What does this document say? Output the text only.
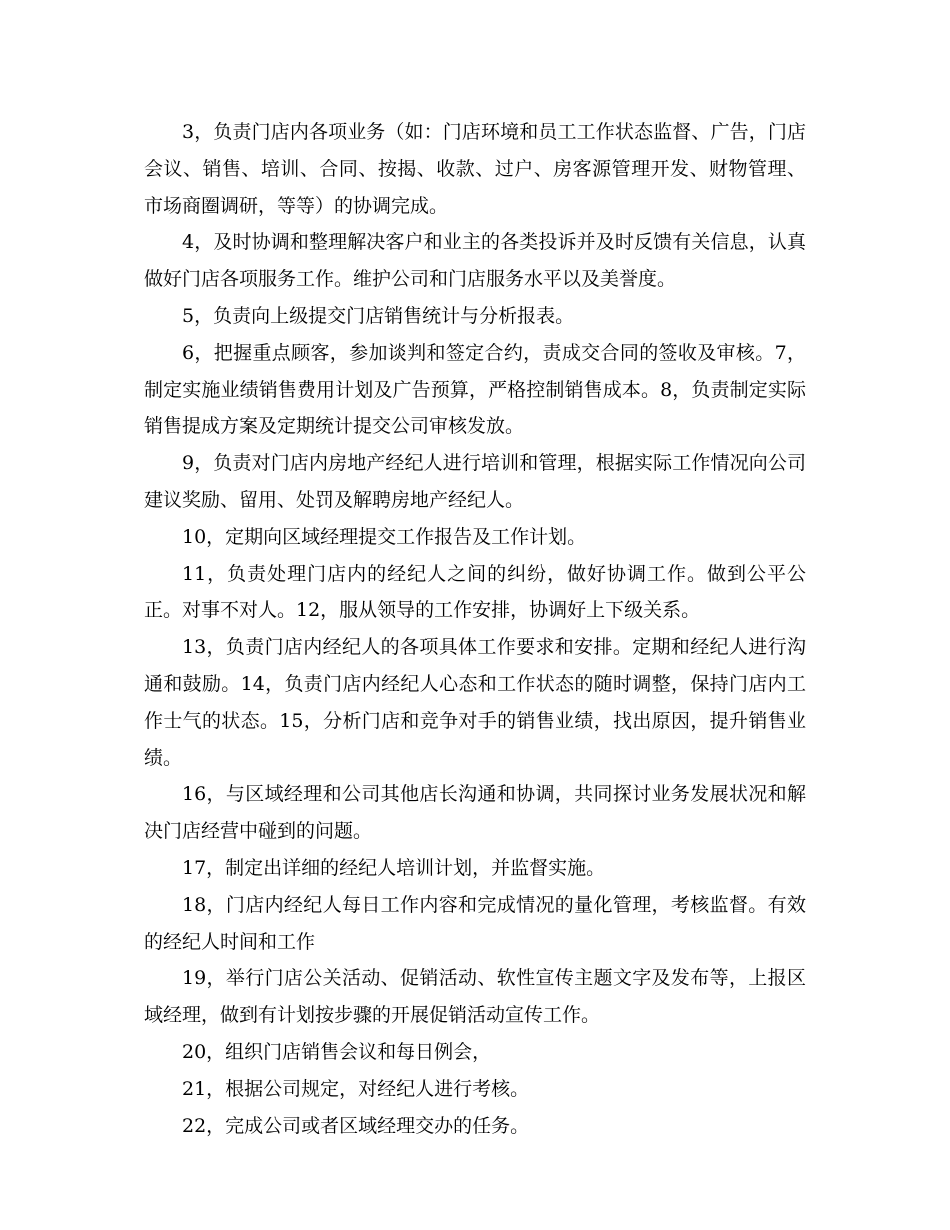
3，负责门店内各项业务（如：门店环境和员工工作状态监督、广告，门店会议、销售、培训、合同、按揭、收款、过户、房客源管理开发、财物管理、市场商圈调研，等等）的协调完成。

4，及时协调和整理解决客户和业主的各类投诉并及时反馈有关信息，认真做好门店各项服务工作。维护公司和门店服务水平以及美誉度。

5，负责向上级提交门店销售统计与分析报表。

6，把握重点顾客，参加谈判和签定合约，责成交合同的签收及审核。7，制定实施业绩销售费用计划及广告预算，严格控制销售成本。8，负责制定实际销售提成方案及定期统计提交公司审核发放。

9，负责对门店内房地产经纪人进行培训和管理，根据实际工作情况向公司建议奖励、留用、处罚及解聘房地产经纪人。

10，定期向区域经理提交工作报告及工作计划。

11，负责处理门店内的经纪人之间的纠纷，做好协调工作。做到公平公正。对事不对人。12，服从领导的工作安排，协调好上下级关系。

13，负责门店内经纪人的各项具体工作要求和安排。定期和经纪人进行沟通和鼓励。14，负责门店内经纪人心态和工作状态的随时调整，保持门店内工作士气的状态。15，分析门店和竞争对手的销售业绩，找出原因，提升销售业绩。

16，与区域经理和公司其他店长沟通和协调，共同探讨业务发展状况和解决门店经营中碰到的问题。

17，制定出详细的经纪人培训计划，并监督实施。

18，门店内经纪人每日工作内容和完成情况的量化管理，考核监督。有效的经纪人时间和工作

19，举行门店公关活动、促销活动、软性宣传主题文字及发布等，上报区域经理，做到有计划按步骤的开展促销活动宣传工作。

20，组织门店销售会议和每日例会，

21，根据公司规定，对经纪人进行考核。

22，完成公司或者区域经理交办的任务。
